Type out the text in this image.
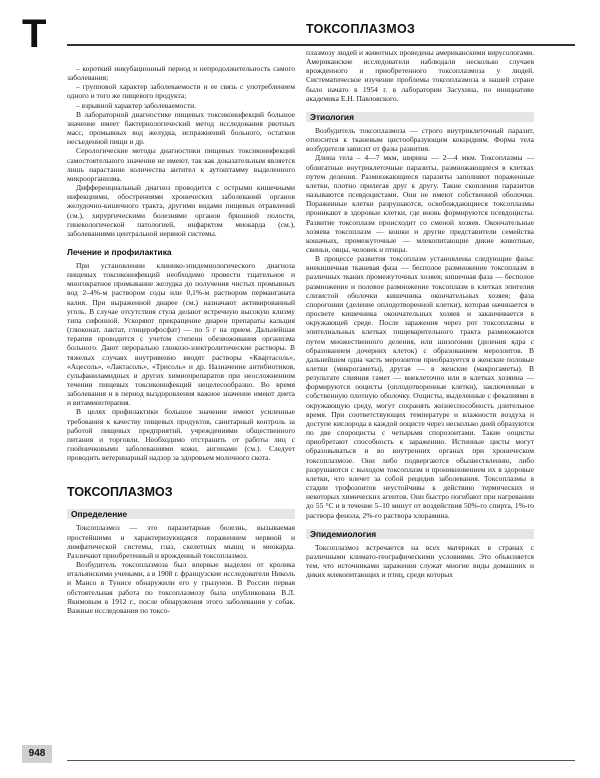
Т	ТОКСОПЛАЗМОЗ

– короткий инкубационный период и непродолжительность самого заболевания;

– групповой характер заболеваемости и ее связь с употреблением одного и того же пищевого продукта;

– взрывной характер заболеваемости.

В лабораторной диагностике пищевых токсикоинфекций большое значение имеет бактериологический метод исследования рвотных масс, промывных вод желудка, испражнений больного, остатков несъеденной пищи и др.

Серологические методы диагностики пищевых токсикоинфекций самостоятельного значения не имеют, так как доказательным является лишь нарастание количества антител к аутоштамму выделенного микроорганизма.

Дифференциальный диагноз проводится с острыми кишечными инфекциями, обострениями хронических заболеваний органов желудочно-кишечного тракта, другими видами пищевых отравлений (см.), хирургическими болезнями органов брюшной полости, гинекологической патологией, инфарктом миокарда (см.), заболеваниями центральной нервной системы.

Лечение и профилактика

При установлении клинико-эпидемиологического диагноза пищевых токсикоинфекций необходимо провести тщательное и многократное промывание желудка до получения чистых промывных вод 2–4%-м раствором соды или 0,1%-м раствором перманганата калия. При выраженной диарее (см.) назначают активированный уголь. В случае отсутствия стула делают встречную высокую клизму типа сифонной. Ускоряют прекращение диареи препараты кальция (глюконат, лактат, глицерофосфат) — по 5 г на прием. Дальнейшая терапия проводится с учетом степени обезвоживания организма больного. Дают перорально глюкозо-электролитические растворы. В тяжелых случаях внутривенно вводят растворы «Квартасоль», «Ацесоль», «Лактасоль», «Трисоль» и др. Назначение антибиотиков, сульфаниламидных и других химиопрепаратов при неосложненном течении пищевых токсикоинфекций нецелесообразно. Во время заболевания и в период выздоровления важное значение имеют диета и витаминотерапия.

В целях профилактики большое значение имеют усиленные требования к качеству пищевых продуктов, санитарный контроль за работой пищевых предприятий, учреждениями общественного питания и торговли. Необходимо отстранить от работы лиц с гнойничковыми заболеваниями кожи, ангинами (см.). Следует проводить ветеринарный надзор за здоровьем молочного скота.

ТОКСОПЛАЗМОЗ
Определение

Токсоплазмоз — это паразитарная болезнь, вызываемая простейшими и характеризующаяся поражением нервной и лимфатической системы, глаз, скелетных мышц и миокарда. Различают приобретенный и врожденный токсоплазмоз.

Возбудитель токсоплазмоза был впервые выделен от кролика итальянскими учеными, а в 1908 г. французские исследователи Николь и Мансо в Тунисе обнаружили его у грызунов. В России первая обстоятельная работа по токсоплазмозу была опубликована В.Л. Якимовым в 1912 г., после обнаружения этого заболевания у собак. Важные исследования по токсо-

плазмозу людей и животных проведены американскими вирусологами. Американские исследователи наблюдали несколько случаев врожденного и приобретенного токсоплазмоза у людей. Систематическое изучение проблемы токсоплазмоза в нашей стране было начато в 1954 г. в лаборатории Засухина, по инициативе академика Е.Н. Павловского.

Этиология

Возбудитель токсоплазмоза — строго внутриклеточный паразит, относится к тканевым цистообразующим кокцидиям. Форма тела возбудителя зависит от фазы развития.

Длина тела – 4—7 мкм, ширина — 2—4 мкм. Токсоплазмы — облигатные внутриклеточные паразиты, размножающиеся в клетках путем деления. Размножающиеся паразиты заполняют пораженные клетки, плотно прилегая друг к другу. Такие скопления паразитов называются псевдоцистами. Они не имеют собственной оболочки. Пораженные клетки разрушаются, освобождающиеся токсоплазмы проникают в здоровые клетки, где вновь формируются псевдоцисты. Развитие токсоплазм происходит со сменой хозяев. Окончательные хозяева токсоплазм — кошки и другие представители семейства кошачьих, промежуточные — млекопитающие дикие животные, свиньи, овцы, человек и птицы.

В процессе развития токсоплазм установлены следующие фазы: внекишечная тканевая фаза — бесполое размножение токсоплазм в различных тканях промежуточных хозяев; кишечная фаза — бесполое размножение и половое размножение токсоплазм в клетках эпителия слизистой оболочки кишечника окончательных хозяев; фаза спорогонии (деление оплодотворенной клетки), которая начинается в просвете кишечника окончательных хозяев и заканчивается в окружающей среде. После заражения через рот токсоплазмы в эпителиальных клетках пищеварительного тракта размножаются путем множественного деления, или шизогонии (деления ядра с образованием дочерних клеток) с образованием мерозоитов. В дальнейшем одна часть мерозоитов преобразуется в женские половые клетки (микрогаметы), другая — в женские (макрогаметы). В результате слияния гамет — внеклеточно или в клетках хозяина — формируются ооцисты (оплодотворенные клетки), заключенные в собственную плотную оболочку. Ооцисты, выделенные с фекалиями в окружающую среду, могут сохранять жизнеспособность длительное время. При соответствующих температуре и влажности воздуха и доступе кислорода в каждой ооцисте через несколько дней образуются по две спороцисты с четырьмя спорозоитами. Такие ооцисты приобретают способность к заражению. Истинные цисты могут образовываться и во внутренних органах при хроническом токсоплазмозе. Они либо подвергаются обызвествлению, либо разрушаются с выходом токсоплазм и проникновением их в здоровые клетки, что влечет за собой рецидив заболевания. Токсоплазмы в стадии трофозоитов неустойчивы к действию термических и некоторых химических агентов. Они быстро погибают при нагревании до 55 °С и в течение 5–10 минут от воздействия 50%-го спирта, 1%-го раствора фенола, 2%-го раствора хлорамина.

Эпидемиология

Токсоплазмоз встречается на всех материках в странах с различными климато-географическими условиями. Это объясняется тем, что источниками заражения служат многие виды домашних и диких млекопитающих и птиц, среди которых

948
